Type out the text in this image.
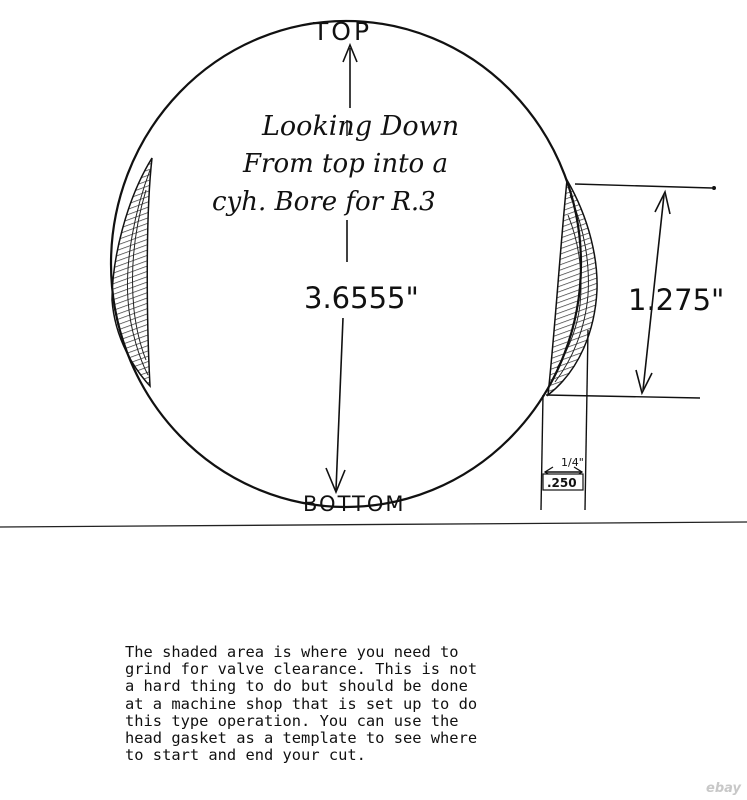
TOP
BOTTOM
Looking Down
From top into a
cyh. Bore for R.3
3.6555"	1.275"
1/4"
.250
The shaded area is where you need to
grind for valve clearance. This is not
a hard thing to do but should be done
at a machine shop that is set up to do
this type operation. You can use the
head gasket as a template to see where
to start and end your cut.
ebay
